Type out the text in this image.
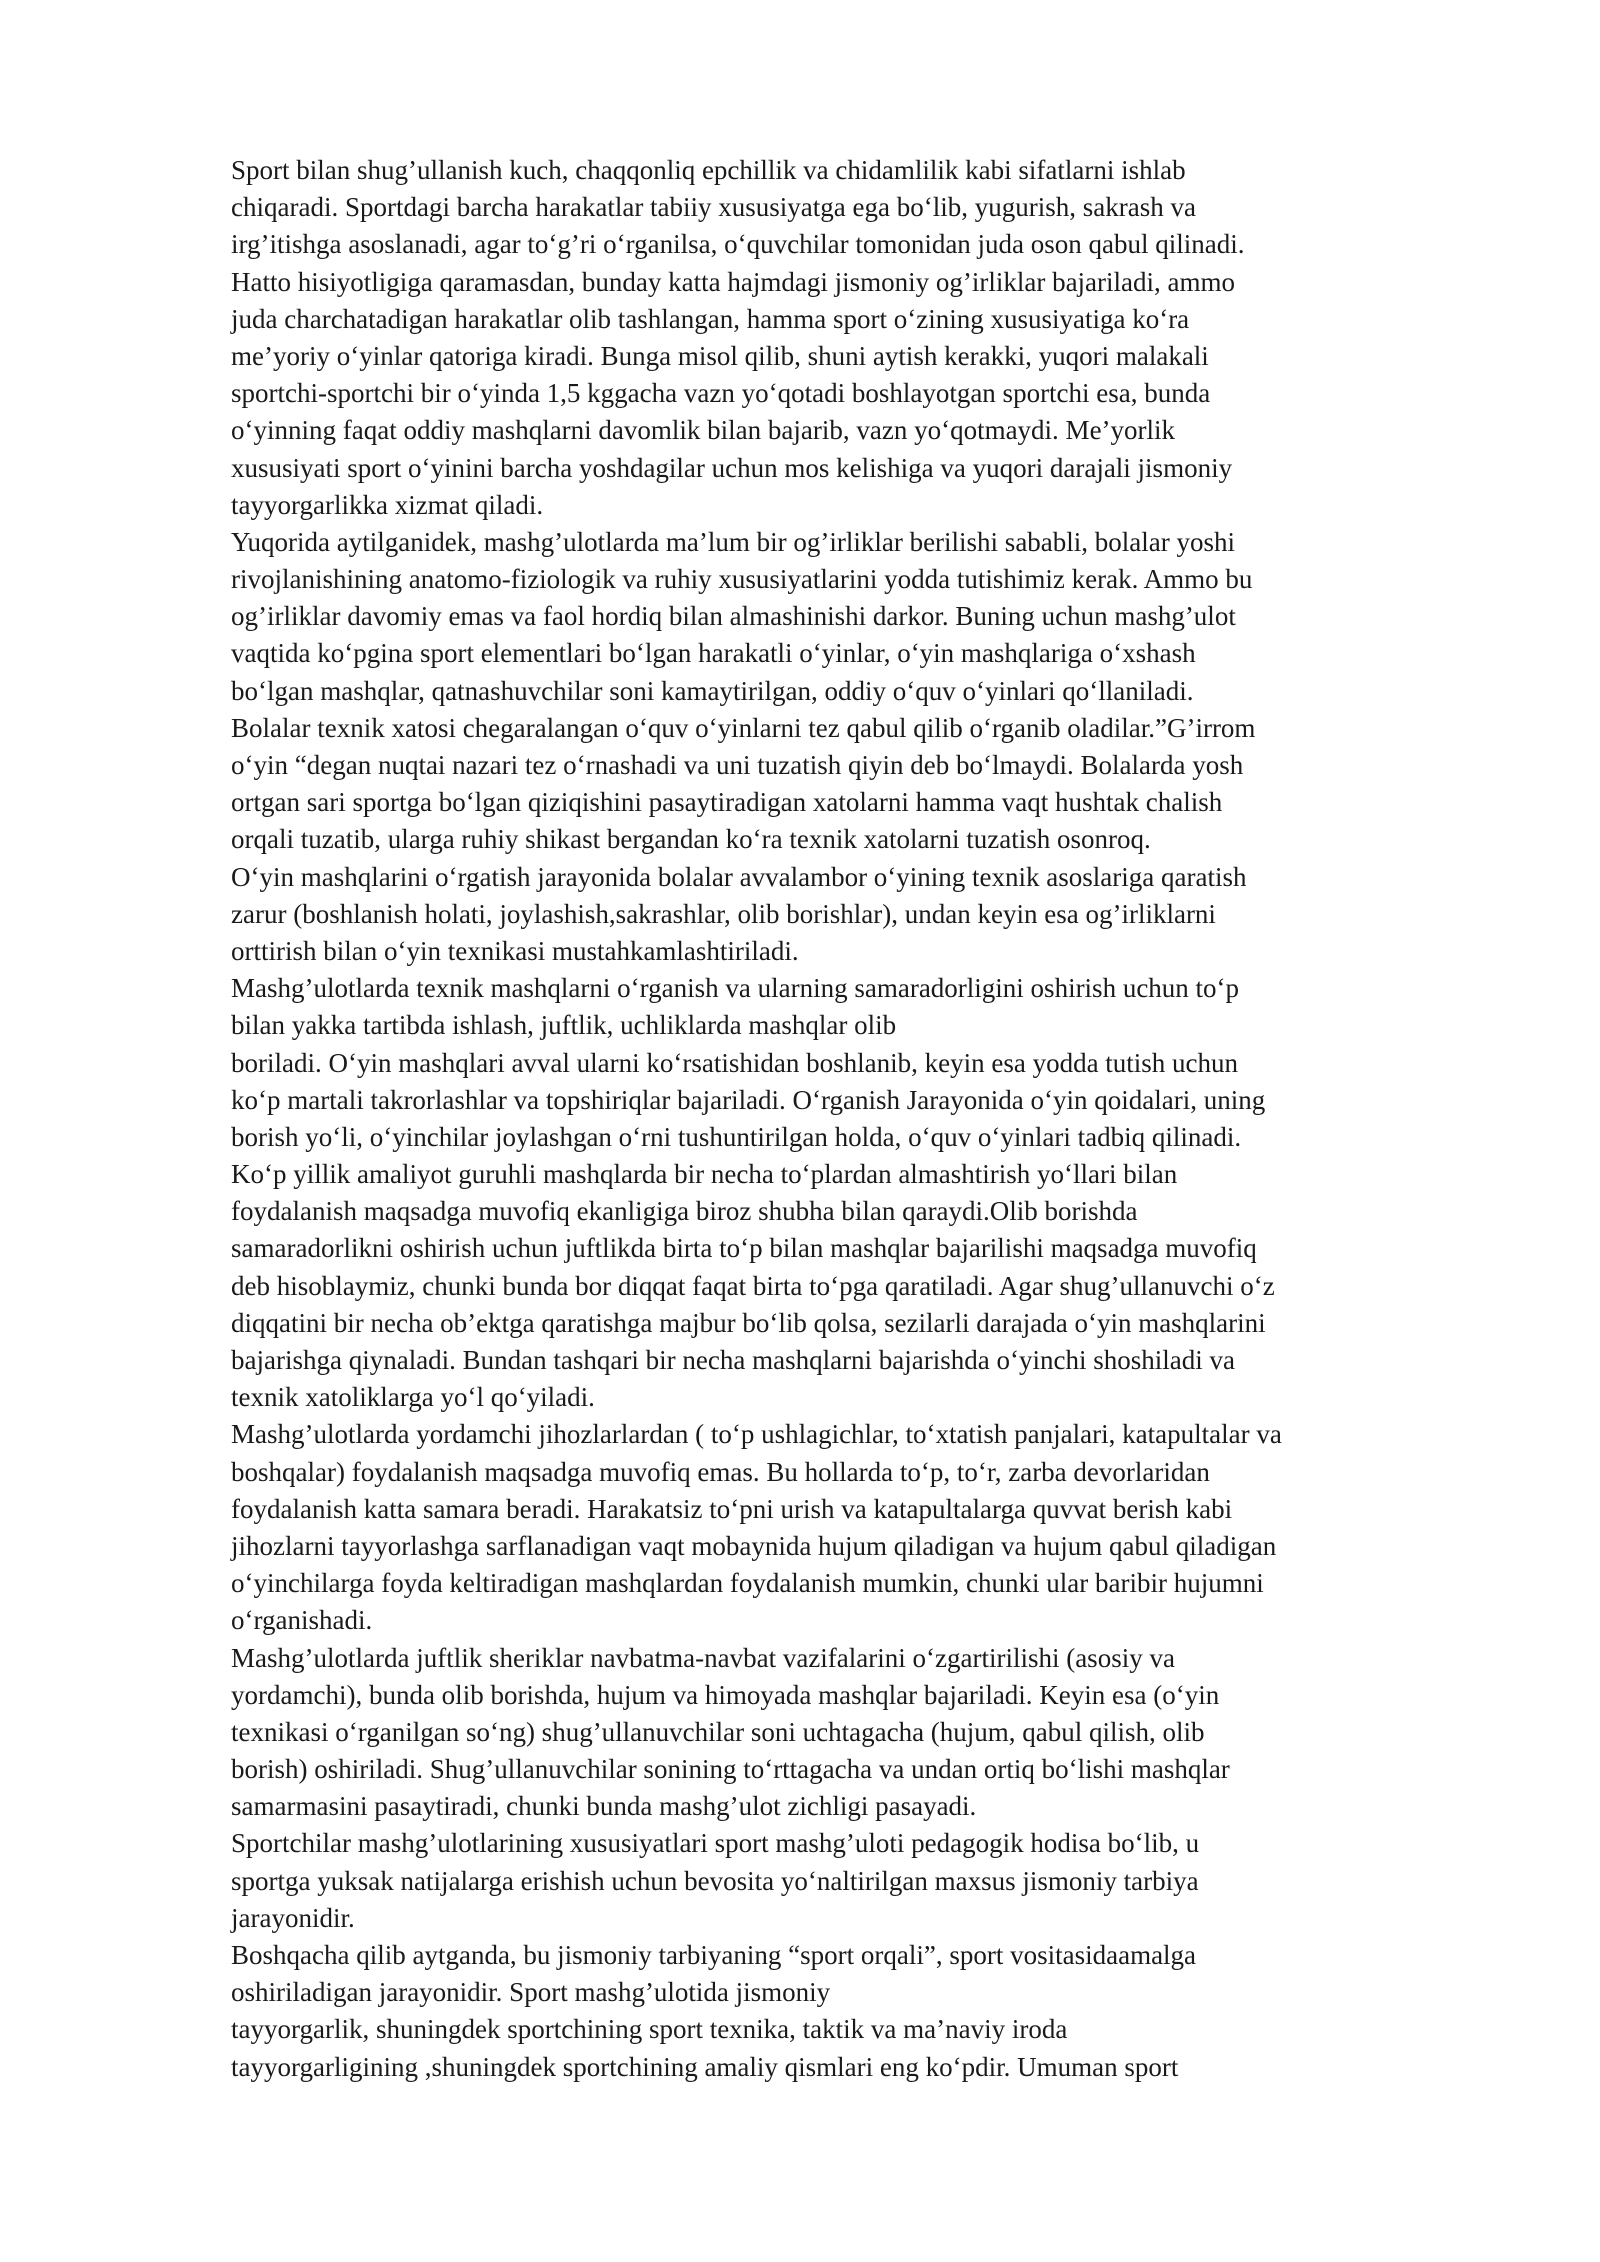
Sport bilan shug’ullanish kuch, chaqqonliq epchillik va chidamlilik kabi sifatlarni ishlab
chiqaradi. Sportdagi barcha harakatlar tabiiy xususiyatga ega bo‘lib, yugurish, sakrash va
irg’itishga asoslanadi, agar to‘g’ri o‘rganilsa, o‘quvchilar tomonidan juda oson qabul qilinadi.
Hatto hisiyotligiga qaramasdan, bunday katta hajmdagi jismoniy og’irliklar bajariladi, ammo
juda charchatadigan harakatlar olib tashlangan, hamma sport o‘zining xususiyatiga ko‘ra
me’yoriy o‘yinlar qatoriga kiradi. Bunga misol qilib, shuni aytish kerakki, yuqori malakali
sportchi-sportchi bir o‘yinda 1,5 kggacha vazn yo‘qotadi boshlayotgan sportchi esa, bunda
o‘yinning faqat oddiy mashqlarni davomlik bilan bajarib, vazn yo‘qotmaydi. Me’yorlik
xususiyati sport o‘yinini barcha yoshdagilar uchun mos kelishiga va yuqori darajali jismoniy
tayyorgarlikka xizmat qiladi.
Yuqorida aytilganidek, mashg’ulotlarda ma’lum bir og’irliklar berilishi sababli, bolalar yoshi
rivojlanishining anatomo-fiziologik va ruhiy xususiyatlarini yodda tutishimiz kerak. Ammo bu
og’irliklar davomiy emas va faol hordiq bilan almashinishi darkor. Buning uchun mashg’ulot
vaqtida ko‘pgina sport elementlari bo‘lgan harakatli o‘yinlar, o‘yin mashqlariga o‘xshash
bo‘lgan mashqlar, qatnashuvchilar soni kamaytirilgan, oddiy o‘quv o‘yinlari qo‘llaniladi.
Bolalar texnik xatosi chegaralangan o‘quv o‘yinlarni tez qabul qilib o‘rganib oladilar.”G’irrom
o‘yin “degan nuqtai nazari tez o‘rnashadi va uni tuzatish qiyin deb bo‘lmaydi. Bolalarda yosh
ortgan sari sportga bo‘lgan qiziqishini pasaytiradigan xatolarni hamma vaqt hushtak chalish
orqali tuzatib, ularga ruhiy shikast bergandan ko‘ra texnik xatolarni tuzatish osonroq.
O‘yin mashqlarini o‘rgatish jarayonida bolalar avvalambor o‘yining texnik asoslariga qaratish
zarur (boshlanish holati, joylashish,sakrashlar, olib borishlar), undan keyin esa og’irliklarni
orttirish bilan o‘yin texnikasi mustahkamlashtiriladi.
Mashg’ulotlarda texnik mashqlarni o‘rganish va ularning samaradorligini oshirish uchun to‘p
bilan yakka tartibda ishlash, juftlik, uchliklarda mashqlar olib
boriladi. O‘yin mashqlari avval ularni ko‘rsatishidan boshlanib, keyin esa yodda tutish uchun
ko‘p martali takrorlashlar va topshiriqlar bajariladi. O‘rganish Jarayonida o‘yin qoidalari, uning
borish yo‘li, o‘yinchilar joylashgan o‘rni tushuntirilgan holda, o‘quv o‘yinlari tadbiq qilinadi.
Ko‘p yillik amaliyot guruhli mashqlarda bir necha to‘plardan almashtirish yo‘llari bilan
foydalanish maqsadga muvofiq ekanligiga biroz shubha bilan qaraydi.Olib borishda
samaradorlikni oshirish uchun juftlikda birta to‘p bilan mashqlar bajarilishi maqsadga muvofiq
deb hisoblaymiz, chunki bunda bor diqqat faqat birta to‘pga qaratiladi. Agar shug’ullanuvchi o‘z
diqqatini bir necha ob’ektga qaratishga majbur bo‘lib qolsa, sezilarli darajada o‘yin mashqlarini
bajarishga qiynaladi. Bundan tashqari bir necha mashqlarni bajarishda o‘yinchi shoshiladi va
texnik xatoliklarga yo‘l qo‘yiladi.
Mashg’ulotlarda yordamchi jihozlarlardan ( to‘p ushlagichlar, to‘xtatish panjalari, katapultalar va
boshqalar) foydalanish maqsadga muvofiq emas. Bu hollarda to‘p, to‘r, zarba devorlaridan
foydalanish katta samara beradi. Harakatsiz to‘pni urish va katapultalarga quvvat berish kabi
jihozlarni tayyorlashga sarflanadigan vaqt mobaynida hujum qiladigan va hujum qabul qiladigan
o‘yinchilarga foyda keltiradigan mashqlardan foydalanish mumkin, chunki ular baribir hujumni
o‘rganishadi.
Mashg’ulotlarda juftlik sheriklar navbatma-navbat vazifalarini o‘zgartirilishi (asosiy va
yordamchi), bunda olib borishda, hujum va himoyada mashqlar bajariladi. Keyin esa (o‘yin
texnikasi o‘rganilgan so‘ng) shug’ullanuvchilar soni uchtagacha (hujum, qabul qilish, olib
borish) oshiriladi. Shug’ullanuvchilar sonining to‘rttagacha va undan ortiq bo‘lishi mashqlar
samarmasini pasaytiradi, chunki bunda mashg’ulot zichligi pasayadi.
Sportchilar mashg’ulotlarining xususiyatlari sport mashg’uloti pedagogik hodisa bo‘lib, u
sportga yuksak natijalarga erishish uchun bevosita yo‘naltirilgan maxsus jismoniy tarbiya
jarayonidir.
Boshqacha qilib aytganda, bu jismoniy tarbiyaning “sport orqali”, sport vositasidaamalga
oshiriladigan jarayonidir. Sport mashg’ulotida jismoniy
tayyorgarlik, shuningdek sportchining sport texnika, taktik va ma’naviy iroda
tayyorgarligining ,shuningdek sportchining amaliy qismlari eng ko‘pdir. Umuman sport
